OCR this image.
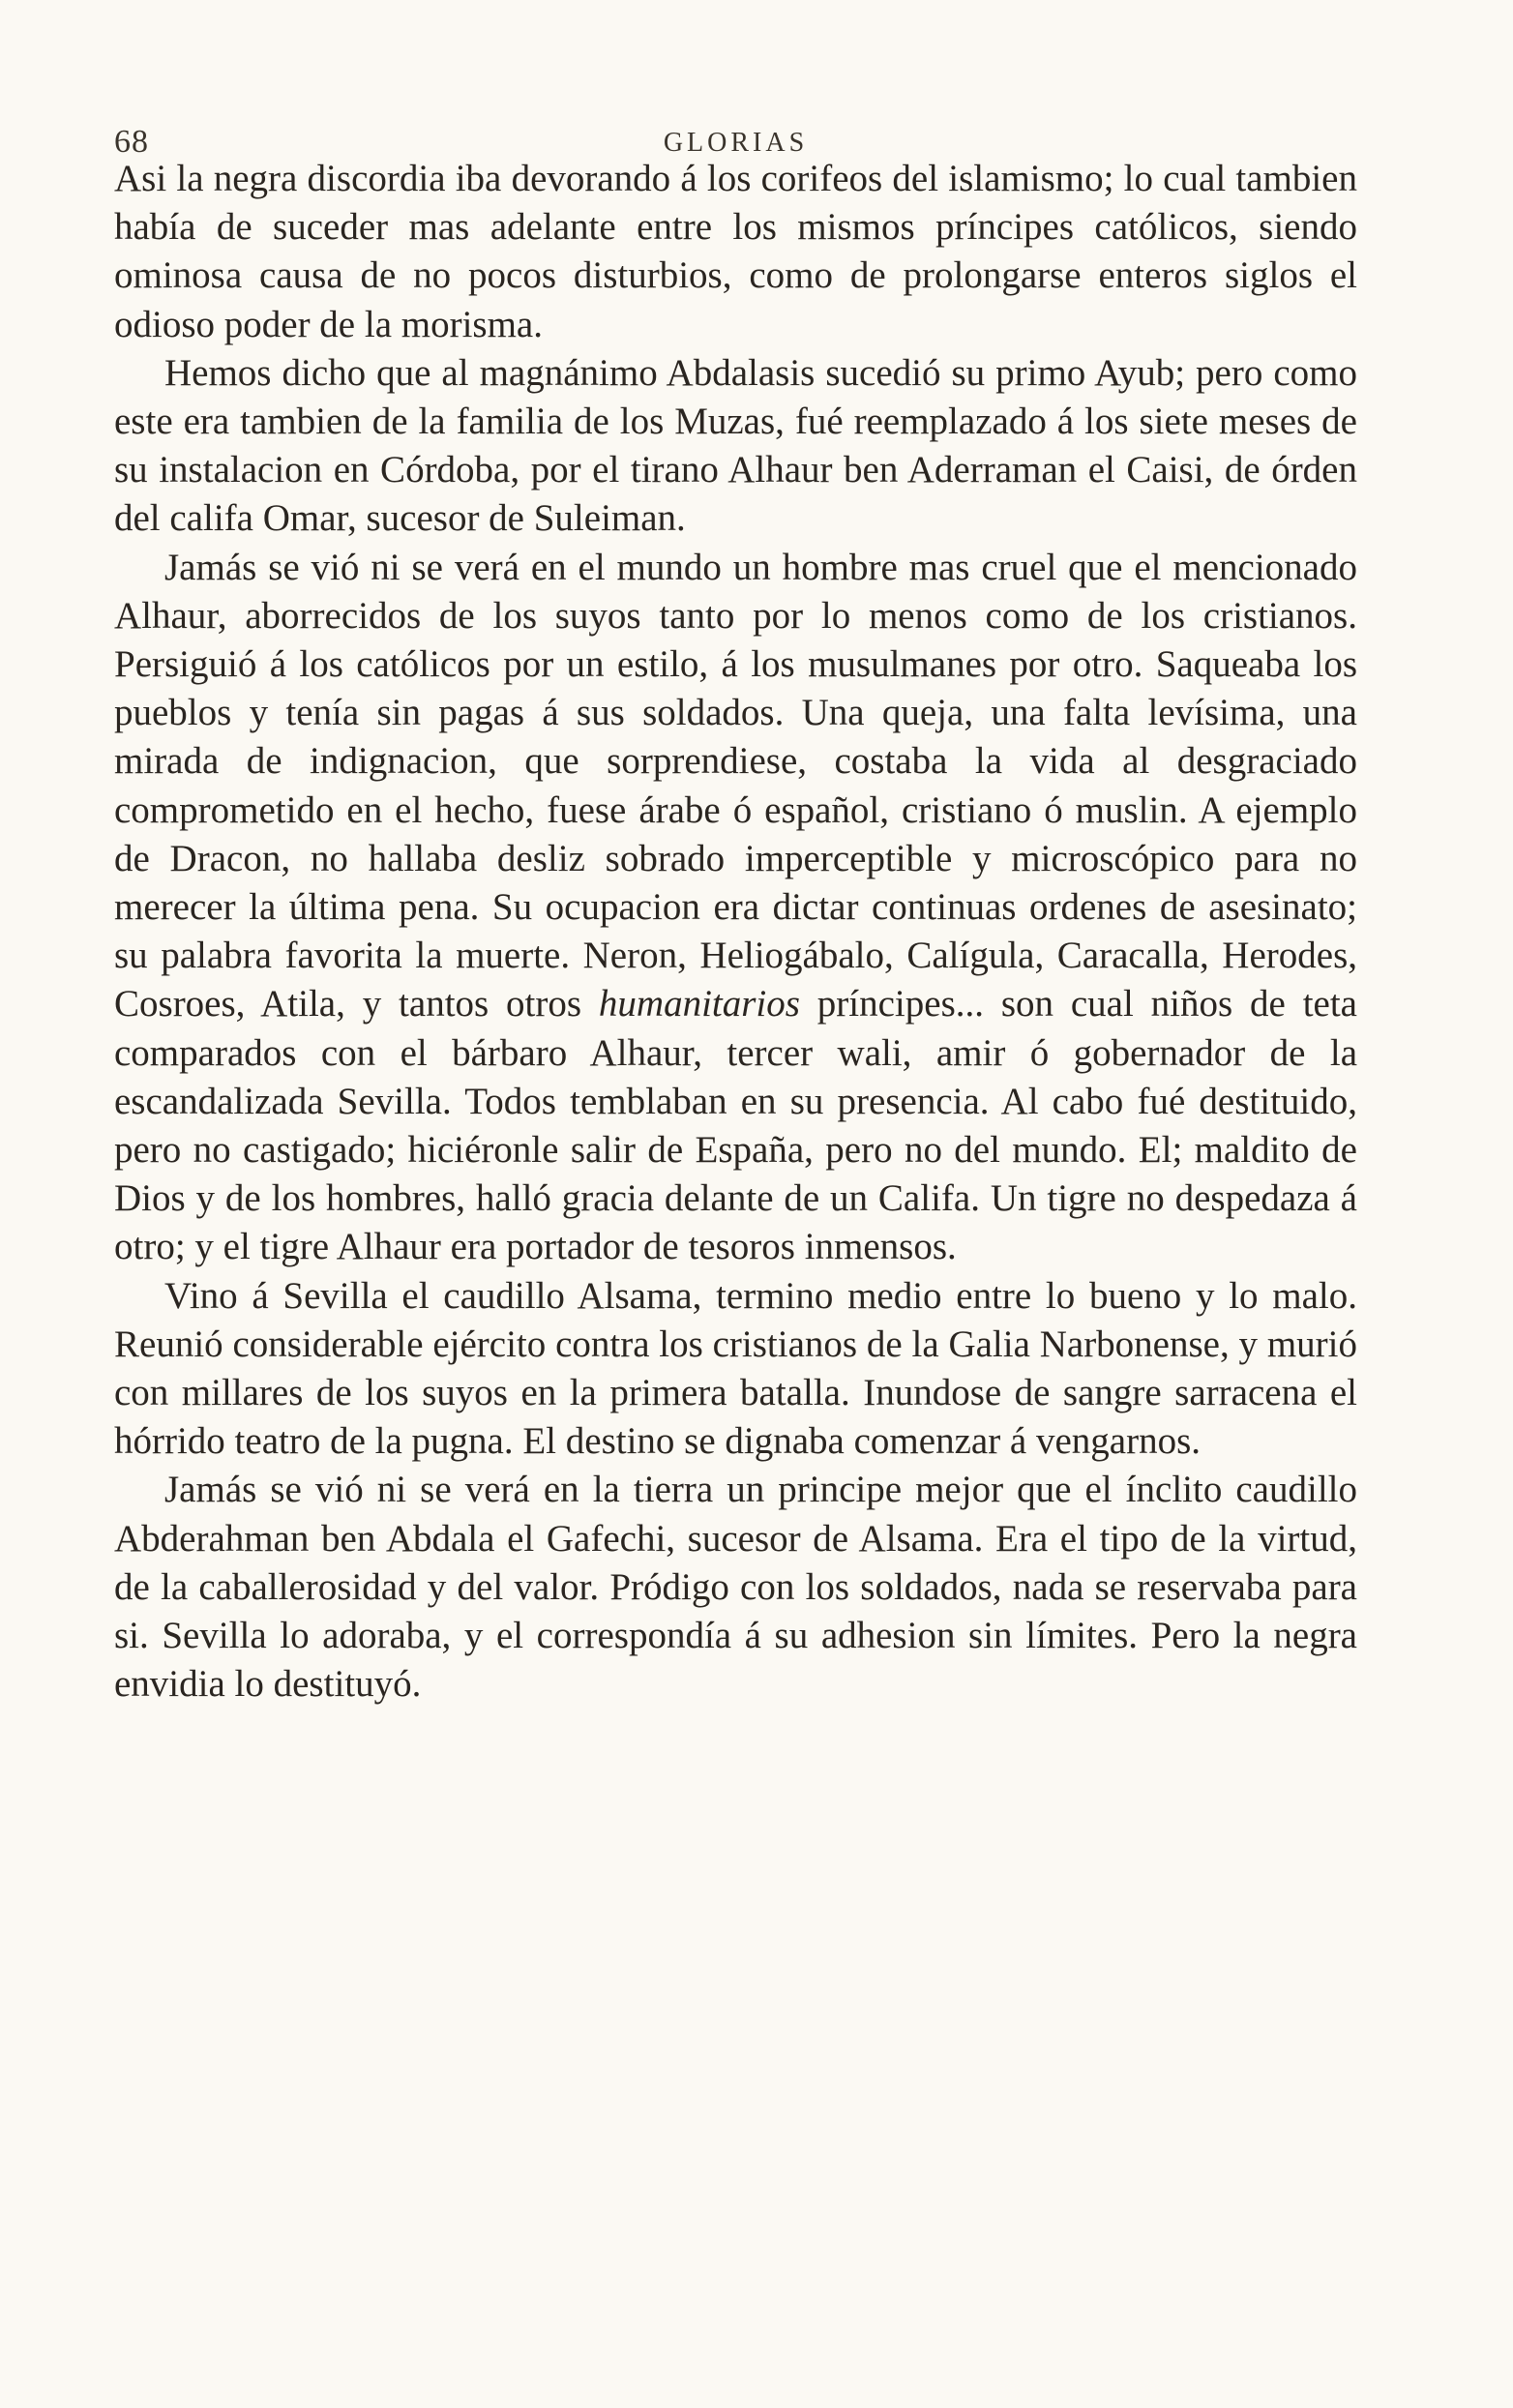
68	GLORIAS

Asi la negra discordia iba devorando á los corifeos del islamismo; lo cual tambien había de suceder mas adelante entre los mismos príncipes católicos, siendo ominosa causa de no pocos disturbios, como de prolongarse enteros siglos el odioso poder de la morisma.

Hemos dicho que al magnánimo Abdalasis sucedió su primo Ayub; pero como este era tambien de la familia de los Muzas, fué reemplazado á los siete meses de su instalacion en Córdoba, por el tirano Alhaur ben Aderraman el Caisi, de órden del califa Omar, sucesor de Suleiman.

Jamás se vió ni se verá en el mundo un hombre mas cruel que el mencionado Alhaur, aborrecidos de los suyos tanto por lo menos como de los cristianos. Persiguió á los católicos por un estilo, á los musulmanes por otro. Saqueaba los pueblos y tenía sin pagas á sus soldados. Una queja, una falta levísima, una mirada de indignacion, que sorprendiese, costaba la vida al desgraciado comprometido en el hecho, fuese árabe ó español, cristiano ó muslin. A ejemplo de Dracon, no hallaba desliz sobrado imperceptible y microscópico para no merecer la última pena. Su ocupacion era dictar continuas ordenes de asesinato; su palabra favorita la muerte. Neron, Heliogábalo, Calígula, Caracalla, Herodes, Cosroes, Atila, y tantos otros humanitarios príncipes... son cual niños de teta comparados con el bárbaro Alhaur, tercer wali, amir ó gobernador de la escandalizada Sevilla. Todos temblaban en su presencia. Al cabo fué destituido, pero no castigado; hiciéronle salir de España, pero no del mundo. El; maldito de Dios y de los hombres, halló gracia delante de un Califa. Un tigre no despedaza á otro; y el tigre Alhaur era portador de tesoros inmensos.

Vino á Sevilla el caudillo Alsama, termino medio entre lo bueno y lo malo. Reunió considerable ejército contra los cristianos de la Galia Narbonense, y murió con millares de los suyos en la primera batalla. Inundose de sangre sarracena el hórrido teatro de la pugna. El destino se dignaba comenzar á vengarnos.

Jamás se vió ni se verá en la tierra un principe mejor que el ínclito caudillo Abderahman ben Abdala el Gafechi, sucesor de Alsama. Era el tipo de la virtud, de la caballerosidad y del valor. Pródigo con los soldados, nada se reservaba para si. Sevilla lo adoraba, y el correspondía á su adhesion sin límites. Pero la negra envidia lo destituyó.
